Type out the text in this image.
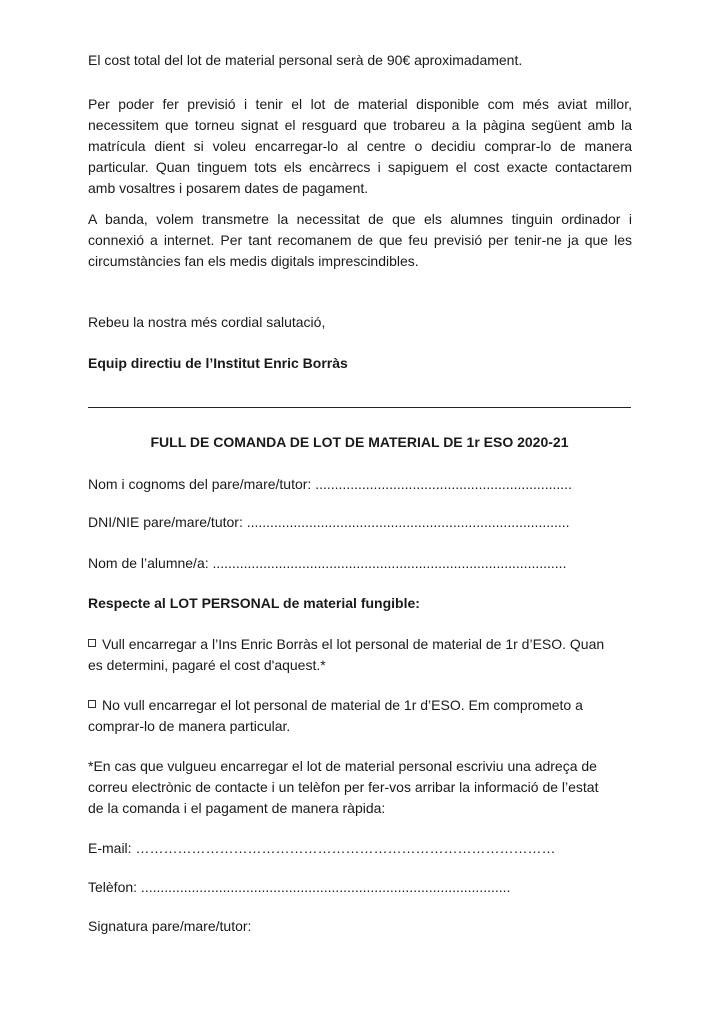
El cost total del lot de material personal serà de 90€ aproximadament.
Per poder fer previsió i tenir el lot de material disponible com més aviat millor,
necessitem que torneu signat el resguard que trobareu a la pàgina següent amb la
matrícula dient si voleu encarregar-lo al centre o decidiu comprar-lo de manera
particular. Quan tinguem tots els encàrrecs i sapiguem el cost exacte contactarem
amb vosaltres i posarem dates de pagament.
A banda, volem transmetre la necessitat de que els alumnes tinguin ordinador i
connexió a internet. Per tant recomanem de que feu previsió per tenir-ne ja que les
circumstàncies fan els medis digitals imprescindibles.
Rebeu la nostra més cordial salutació,
Equip directiu de l’Institut Enric Borràs
FULL DE COMANDA DE LOT DE MATERIAL DE 1r ESO 2020-21
Nom i cognoms del pare/mare/tutor: ..................................................................
DNI/NIE pare/mare/tutor: ...................................................................................
Nom de l’alumne/a: ...........................................................................................
Respecte al LOT PERSONAL de material fungible:
Vull encarregar a l’Ins Enric Borràs el lot personal de material de 1r d’ESO. Quan
es determini, pagaré el cost d'aquest.*
No vull encarregar el lot personal de material de 1r d’ESO. Em comprometo a
comprar-lo de manera particular.
*En cas que vulgueu encarregar el lot de material personal escriviu una adreça de
correu electrònic de contacte i un telèfon per fer-vos arribar la informació de l’estat
de la comanda i el pagament de manera ràpida:
E-mail: ………………………………………………………………………………
Telèfon: ...............................................................................................
Signatura pare/mare/tutor:
